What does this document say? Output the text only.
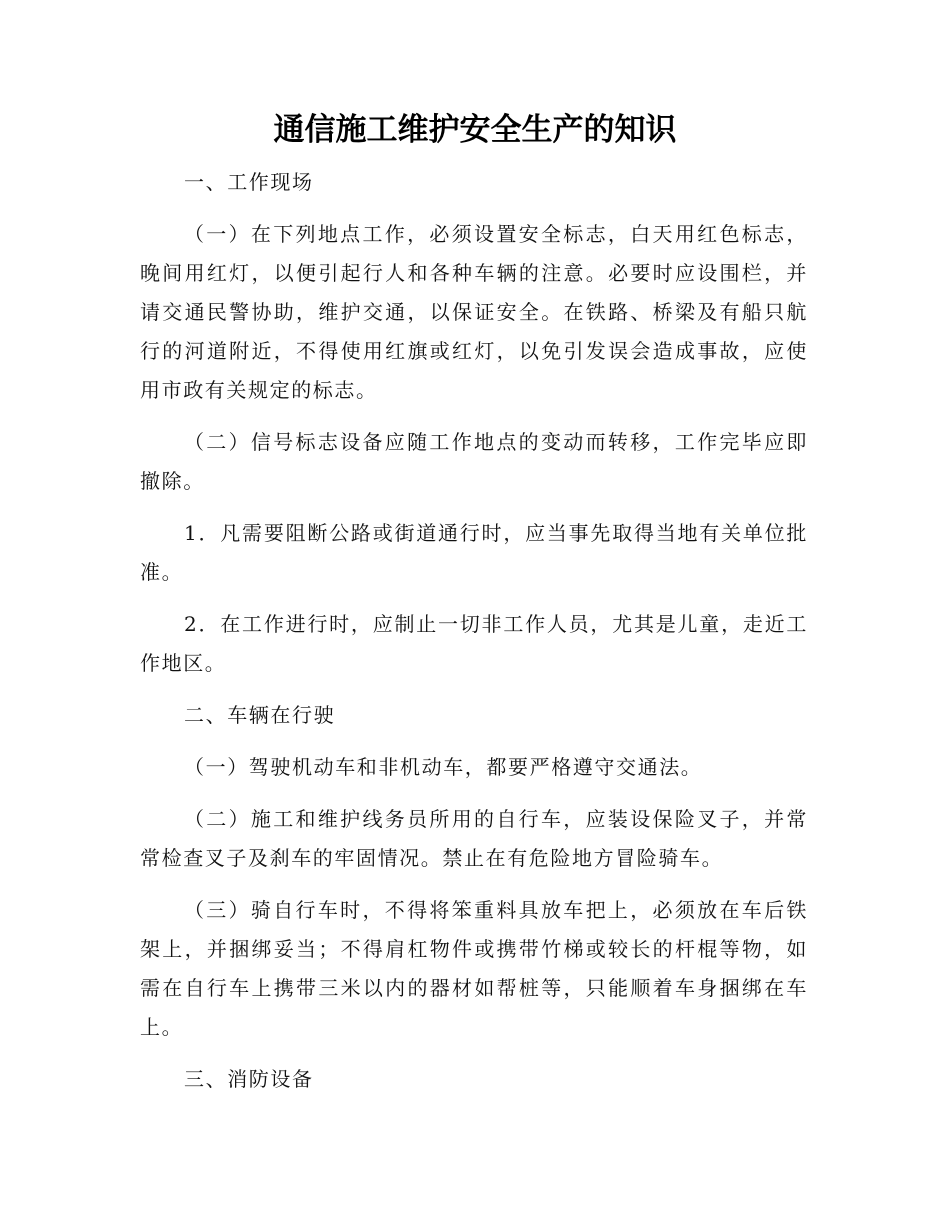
通信施工维护安全生产的知识

一、工作现场

（一）在下列地点工作，必须设置安全标志，白天用红色标志，晚间用红灯，以便引起行人和各种车辆的注意。必要时应设围栏，并请交通民警协助，维护交通，以保证安全。在铁路、桥梁及有船只航行的河道附近，不得使用红旗或红灯，以免引发误会造成事故，应使用市政有关规定的标志。

（二）信号标志设备应随工作地点的变动而转移，工作完毕应即撤除。

1．凡需要阻断公路或街道通行时，应当事先取得当地有关单位批准。

2．在工作进行时，应制止一切非工作人员，尤其是儿童，走近工作地区。

二、车辆在行驶

（一）驾驶机动车和非机动车，都要严格遵守交通法。

（二）施工和维护线务员所用的自行车，应装设保险叉子，并常常检查叉子及刹车的牢固情况。禁止在有危险地方冒险骑车。

（三）骑自行车时，不得将笨重料具放车把上，必须放在车后铁架上，并捆绑妥当；不得肩杠物件或携带竹梯或较长的杆棍等物，如需在自行车上携带三米以内的器材如帮桩等，只能顺着车身捆绑在车上。

三、消防设备
